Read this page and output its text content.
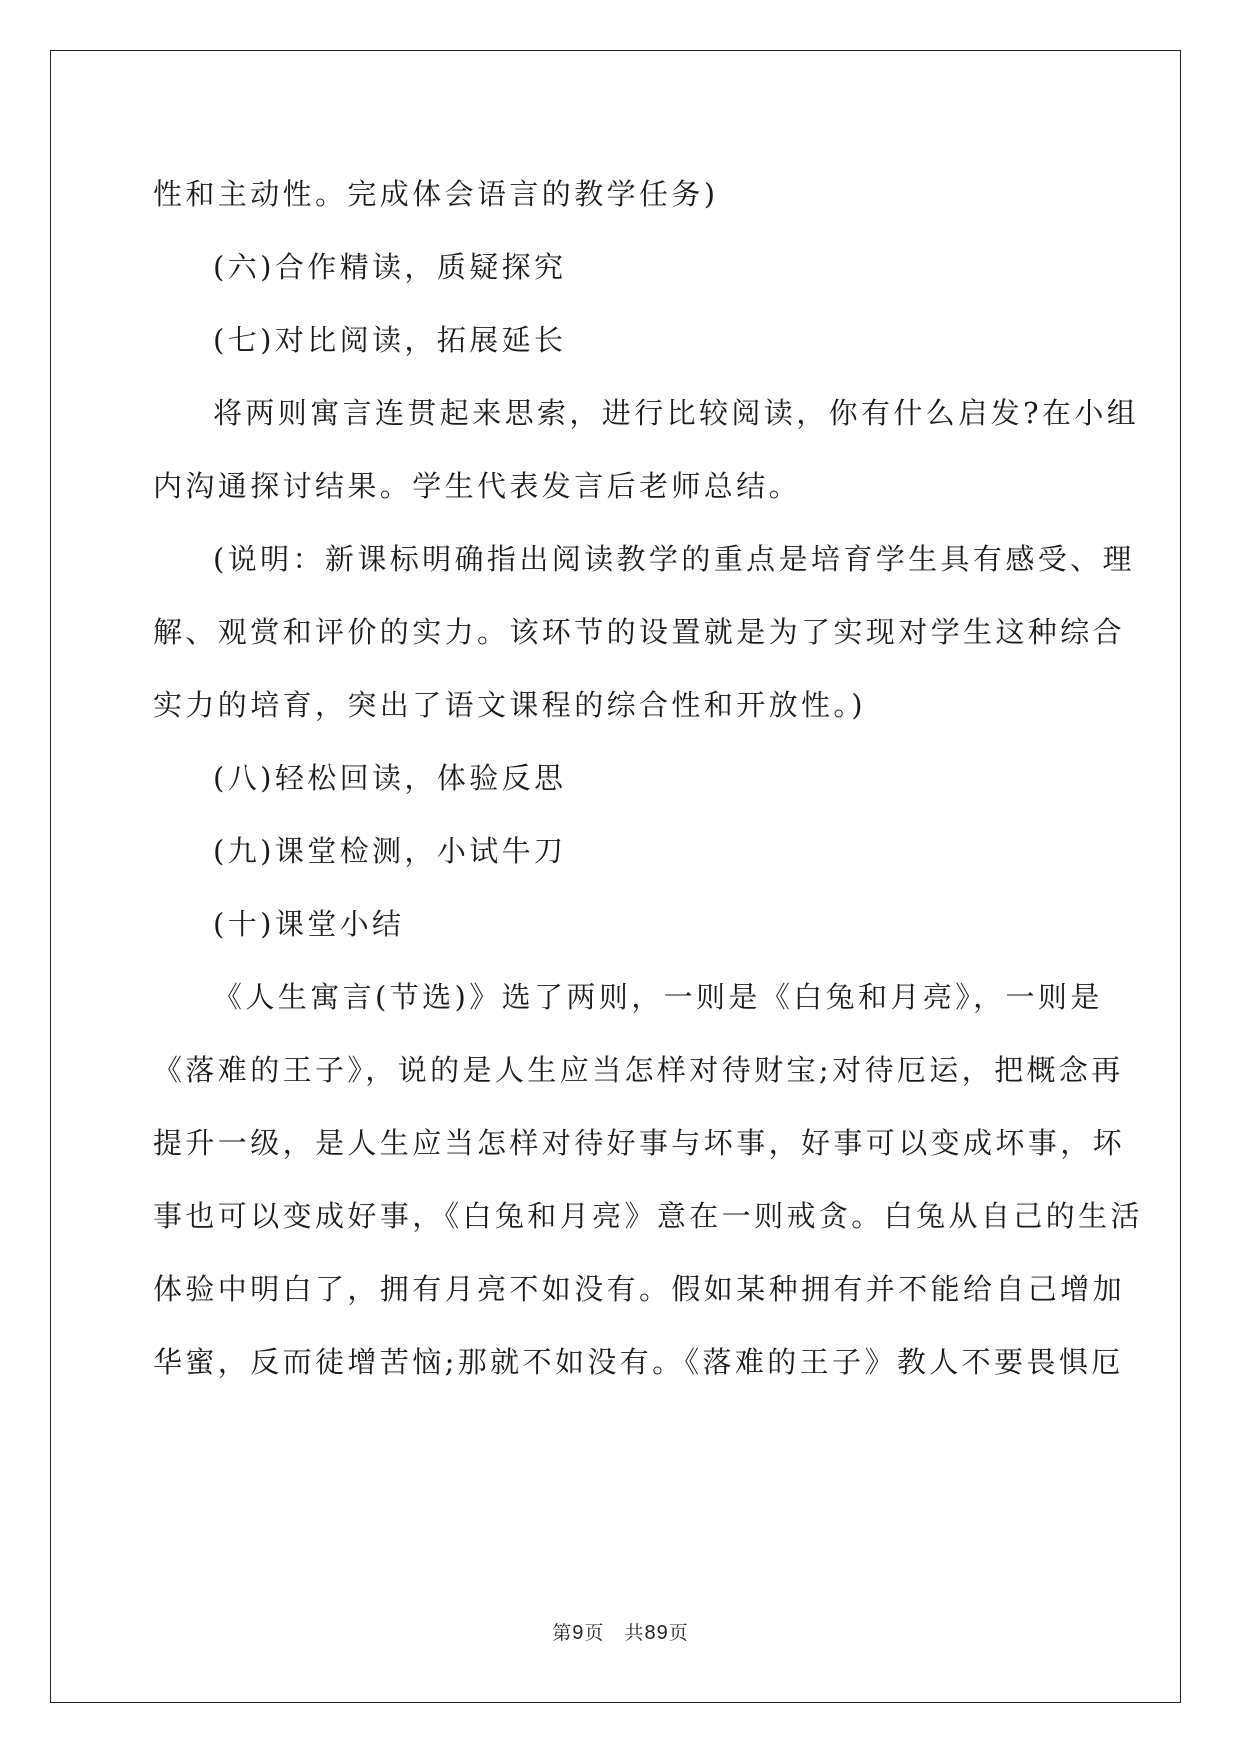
性和主动性。完成体会语言的教学任务)
(六)合作精读，质疑探究
(七)对比阅读，拓展延长
将两则寓言连贯起来思索，进行比较阅读，你有什么启发?在小组
内沟通探讨结果。学生代表发言后老师总结。
(说明：新课标明确指出阅读教学的重点是培育学生具有感受、理
解、观赏和评价的实力。该环节的设置就是为了实现对学生这种综合
实力的培育，突出了语文课程的综合性和开放性。)
(八)轻松回读，体验反思
(九)课堂检测，小试牛刀
(十)课堂小结
《人生寓言(节选)》选了两则，一则是《白兔和月亮》，一则是
《落难的王子》，说的是人生应当怎样对待财宝;对待厄运，把概念再
提升一级，是人生应当怎样对待好事与坏事，好事可以变成坏事，坏
事也可以变成好事，《白兔和月亮》意在一则戒贪。白兔从自己的生活
体验中明白了，拥有月亮不如没有。假如某种拥有并不能给自己增加
华蜜，反而徒增苦恼;那就不如没有。《落难的王子》教人不要畏惧厄
第9页 共89页
